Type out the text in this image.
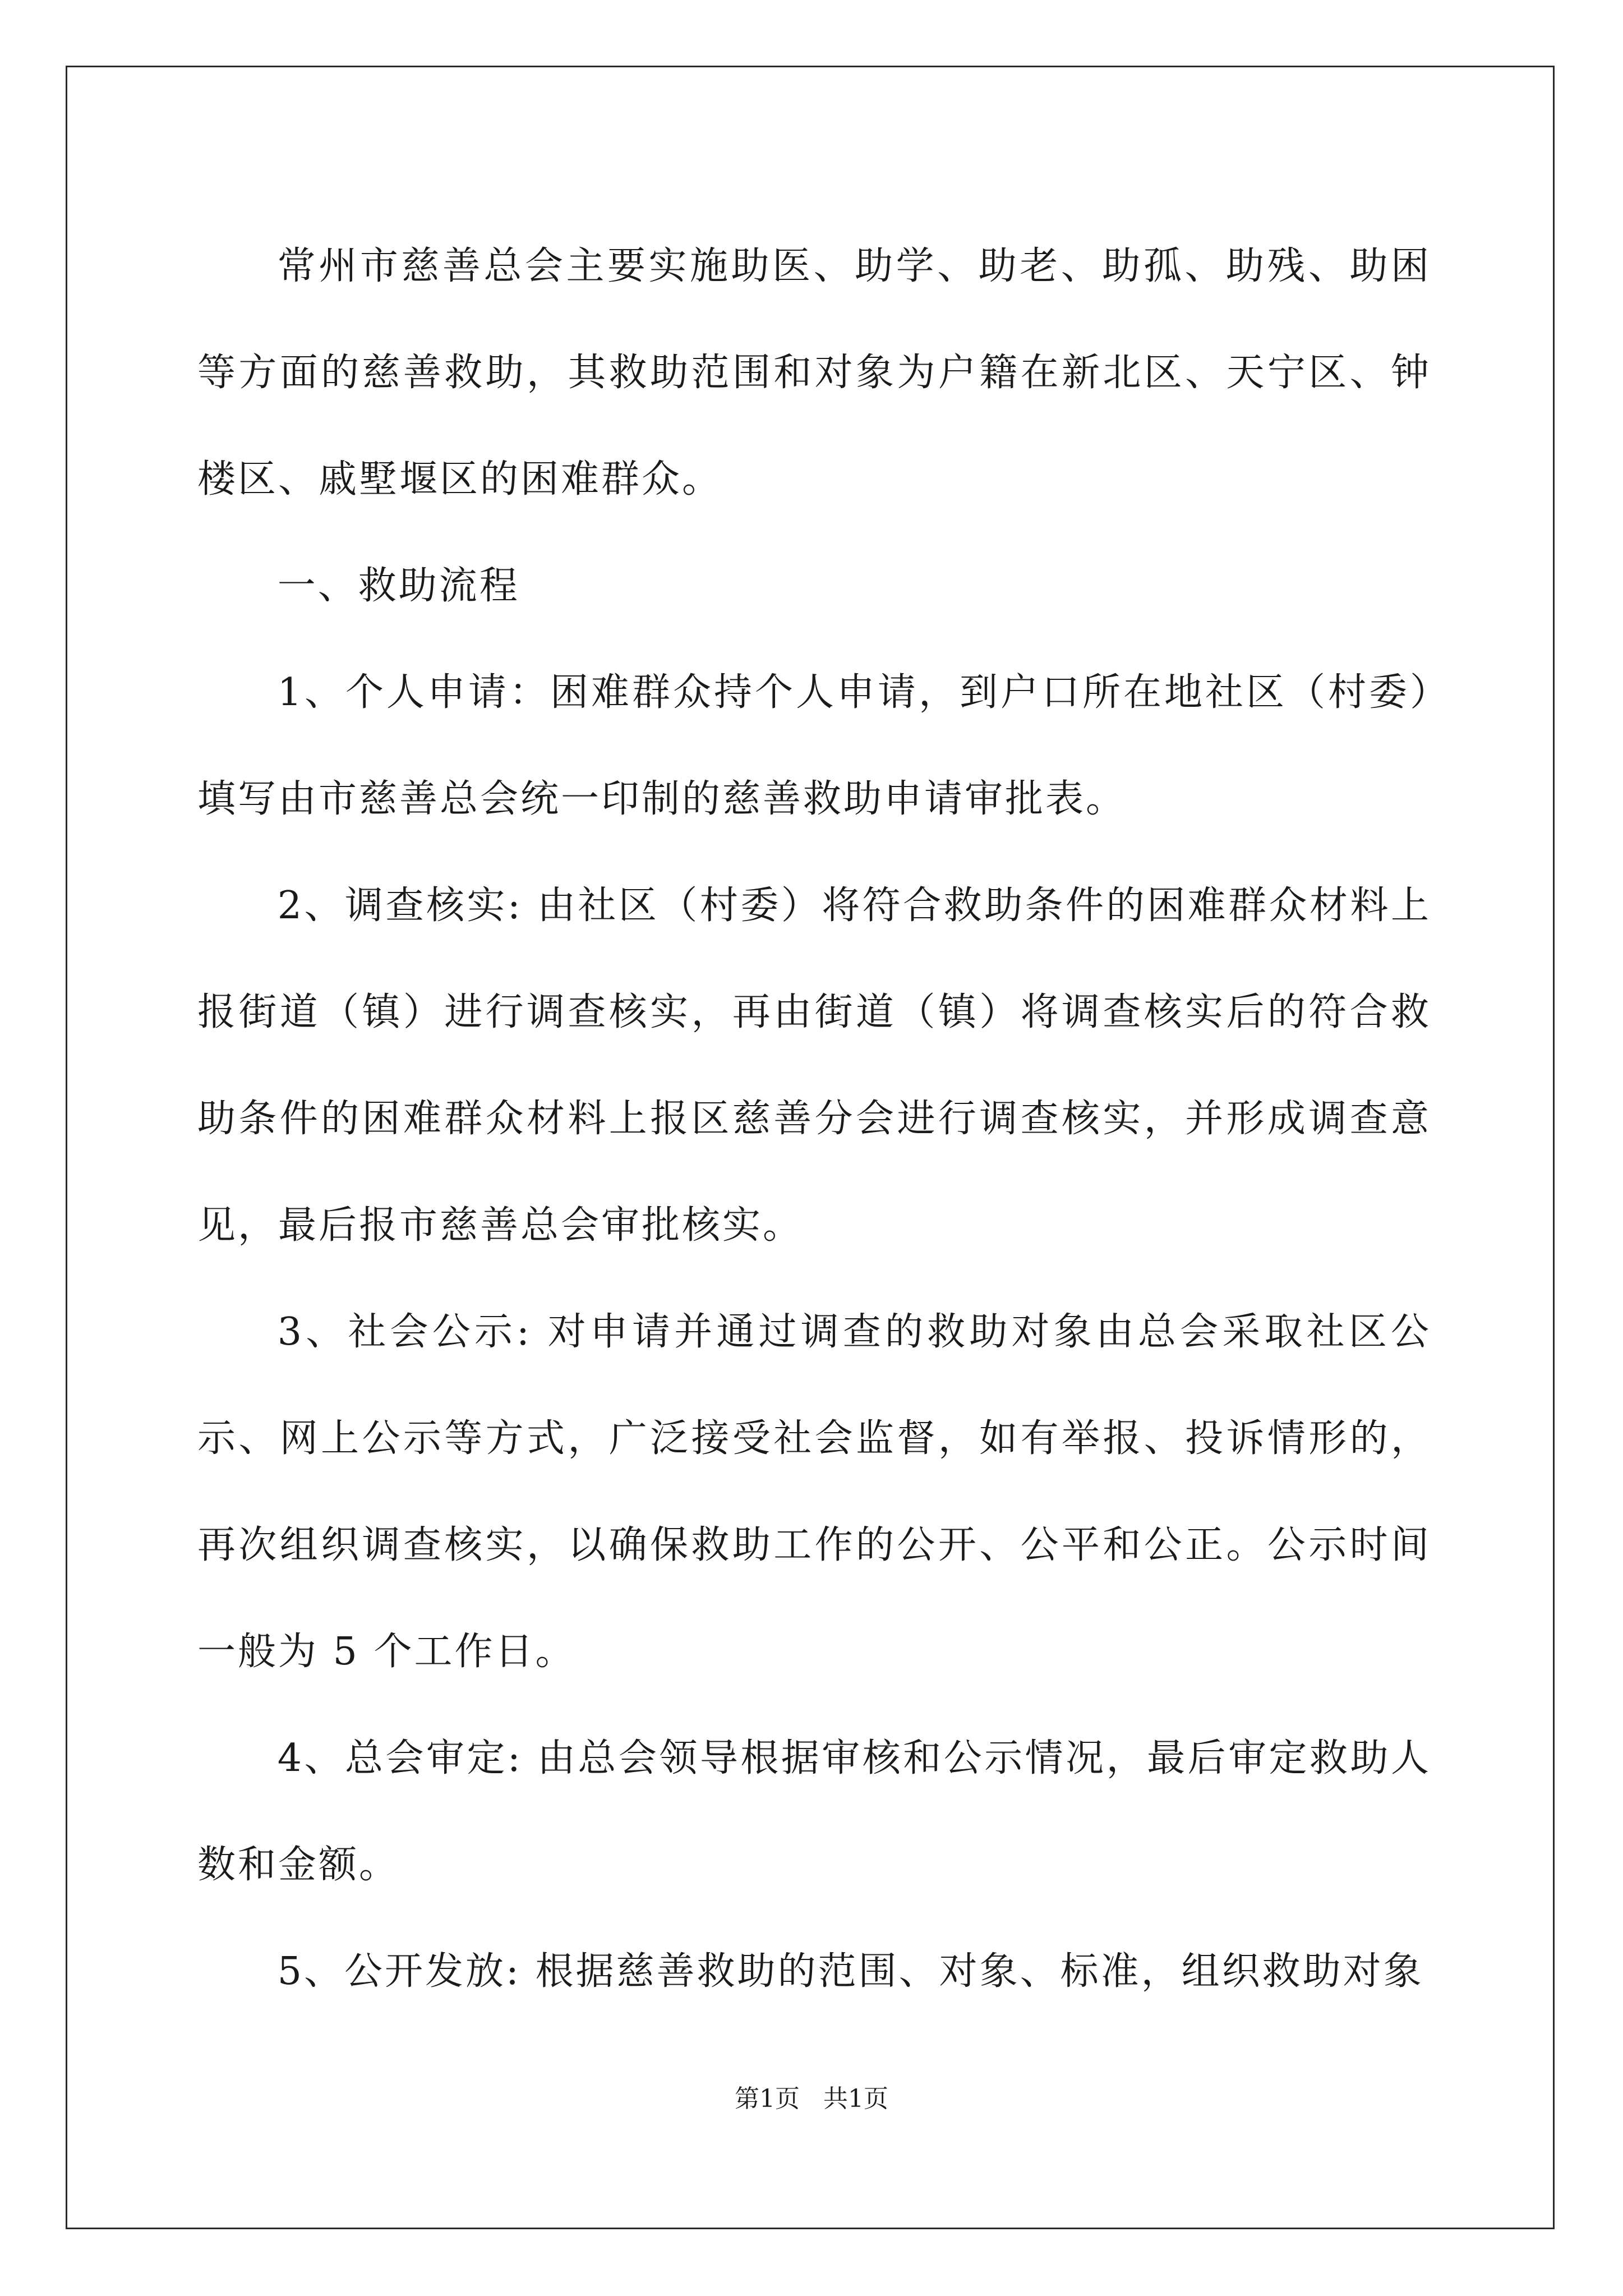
常州市慈善总会主要实施助医、助学、助老、助孤、助残、助困等方面的慈善救助，其救助范围和对象为户籍在新北区、天宁区、钟楼区、戚墅堰区的困难群众。

一、救助流程

1、个人申请：困难群众持个人申请，到户口所在地社区（村委）填写由市慈善总会统一印制的慈善救助申请审批表。

2、调查核实: 由社区（村委）将符合救助条件的困难群众材料上报街道（镇）进行调查核实，再由街道（镇）将调查核实后的符合救助条件的困难群众材料上报区慈善分会进行调查核实，并形成调查意见，最后报市慈善总会审批核实。

3、社会公示: 对申请并通过调查的救助对象由总会采取社区公示、网上公示等方式，广泛接受社会监督，如有举报、投诉情形的，再次组织调查核实，以确保救助工作的公开、公平和公正。公示时间一般为 5 个工作日。

4、总会审定: 由总会领导根据审核和公示情况，最后审定救助人数和金额。

5、公开发放: 根据慈善救助的范围、对象、标准，组织救助对象

第1页   共1页
